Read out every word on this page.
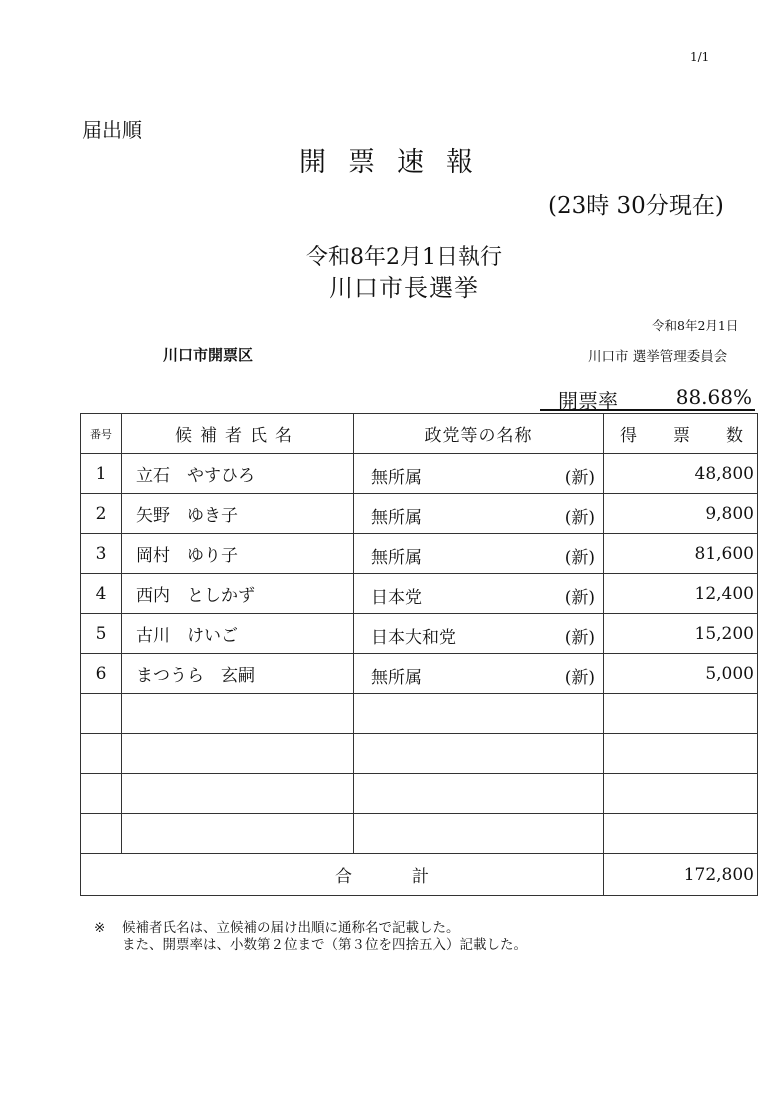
1/1
届出順
開票速報
(23時 30分現在)
令和8年2月1日執行
川口市長選挙
令和8年2月1日
川口市開票区	川口市 選挙管理委員会
開票率	88.68%
番号	候補者氏名	政党等の名称	得 票 数

1	立石　やすひろ	無所属 (新)	48,800
2	矢野　ゆき子	無所属 (新)	9,800
3	岡村　ゆり子	無所属 (新)	81,600
4	西内　としかず	日本党 (新)	12,400
5	古川　けいご	日本大和党 (新)	15,200
6	まつうら　玄嗣	無所属 (新)	5,000

合 計			172,800
※ 候補者氏名は、立候補の届け出順に通称名で記載した。
また、開票率は、小数第２位まで（第３位を四捨五入）記載した。
